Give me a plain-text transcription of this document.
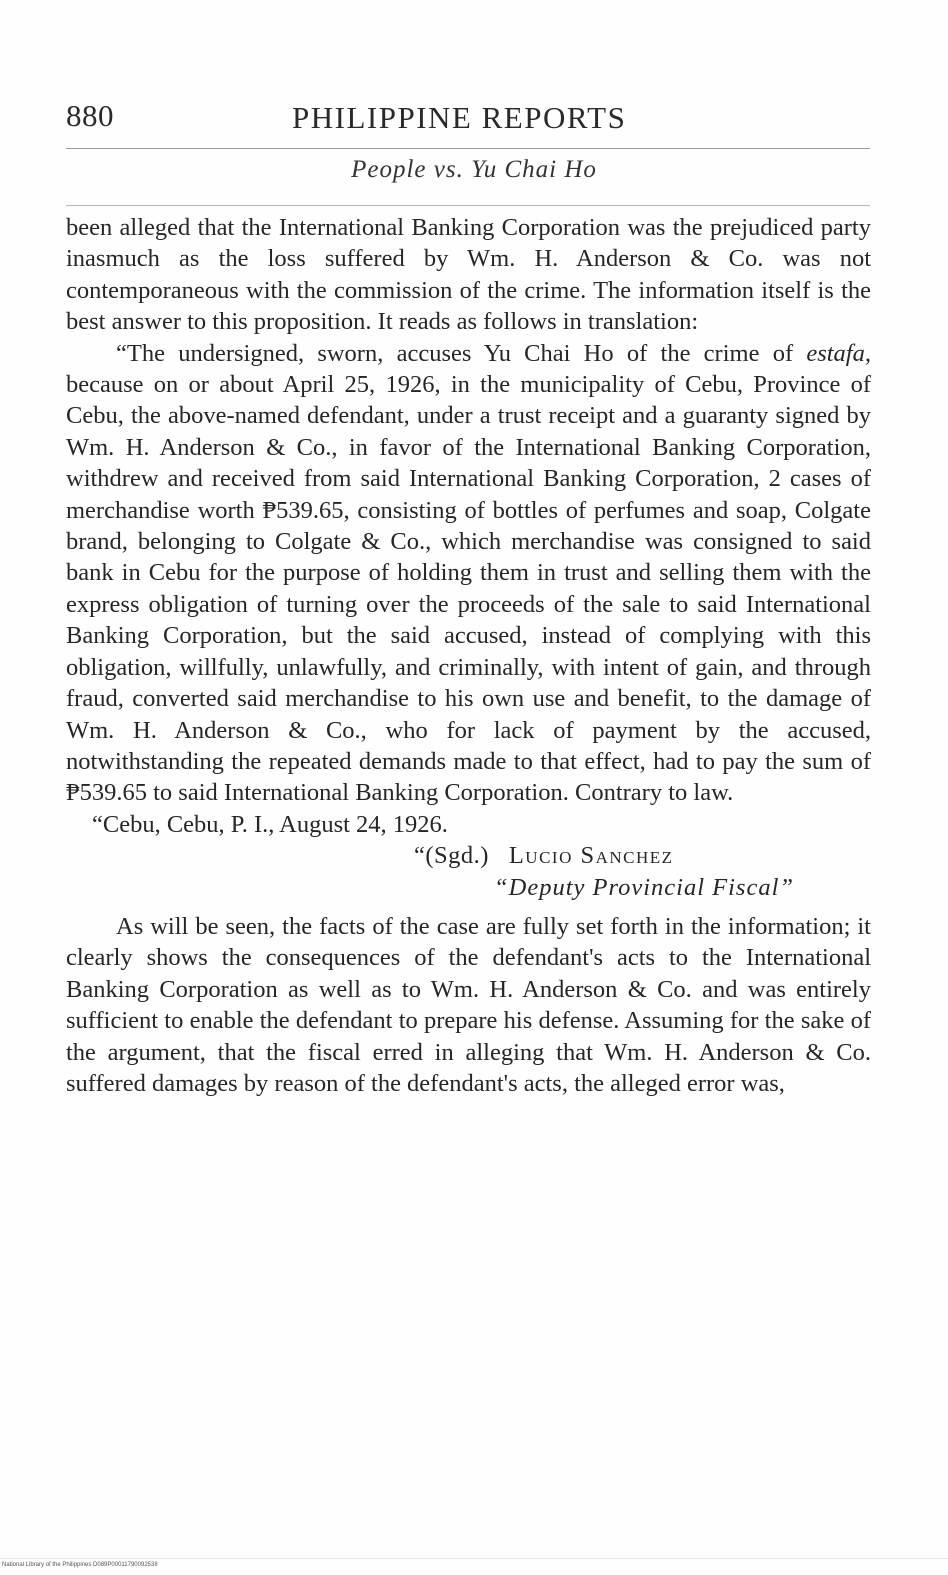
880	PHILIPPINE REPORTS
People vs. Yu Chai Ho

been alleged that the International Banking Corporation was the prejudiced party inasmuch as the loss suffered by Wm. H. Anderson & Co. was not contemporaneous with the commission of the crime. The information itself is the best answer to this proposition. It reads as follows in translation:

“The undersigned, sworn, accuses Yu Chai Ho of the crime of estafa, because on or about April 25, 1926, in the municipality of Cebu, Province of Cebu, the above-named defendant, under a trust receipt and a guaranty signed by Wm. H. Anderson & Co., in favor of the International Banking Corporation, withdrew and received from said International Banking Corporation, 2 cases of merchandise worth ₱539.65, consisting of bottles of perfumes and soap, Colgate brand, belonging to Colgate & Co., which merchandise was consigned to said bank in Cebu for the purpose of holding them in trust and selling them with the express obligation of turning over the proceeds of the sale to said International Banking Corporation, but the said accused, instead of complying with this obligation, willfully, unlawfully, and criminally, with intent of gain, and through fraud, converted said merchandise to his own use and benefit, to the damage of Wm. H. Anderson & Co., who for lack of payment by the accused, notwithstanding the repeated demands made to that effect, had to pay the sum of ₱539.65 to said International Banking Corporation. Contrary to law.

“Cebu, Cebu, P. I., August 24, 1926.

“(Sgd.) Lucio Sanchez

“Deputy Provincial Fiscal”

As will be seen, the facts of the case are fully set forth in the information; it clearly shows the consequences of the defendant's acts to the International Banking Corporation as well as to Wm. H. Anderson & Co. and was entirely sufficient to enable the defendant to prepare his defense. Assuming for the sake of the argument, that the fiscal erred in alleging that Wm. H. Anderson & Co. suffered damages by reason of the defendant's acts, the alleged error was,

National Library of the Philippines D089P0001179009253II
